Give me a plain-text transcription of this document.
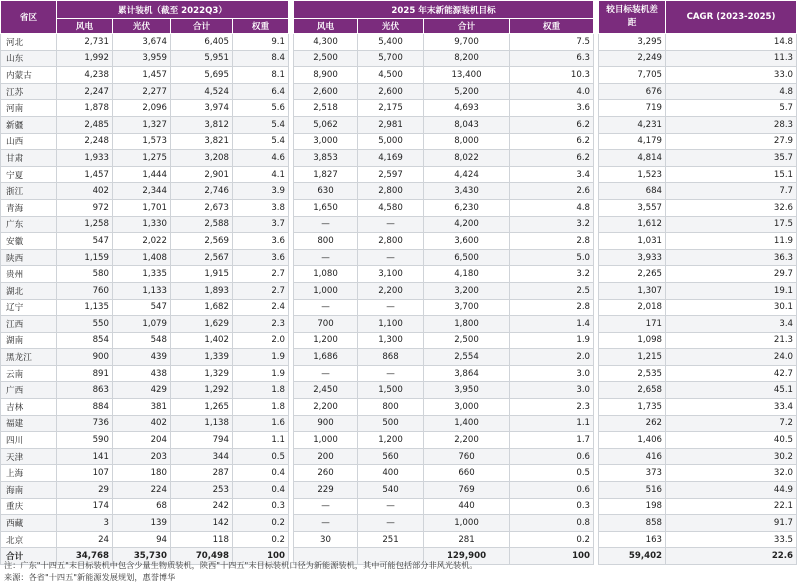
省区	累计装机（截至 2022Q3）					2025 年末新能源装机目标					较目标装机差距	CAGR (2023-2025)
	风电	光伏	合计	权重		风电	光伏	合计	权重			
河北	2,731	3,674	6,405	9.1		4,300	5,400	9,700	7.5		3,295	14.8
山东	1,992	3,959	5,951	8.4		2,500	5,700	8,200	6.3		2,249	11.3
内蒙古	4,238	1,457	5,695	8.1		8,900	4,500	13,400	10.3		7,705	33.0
江苏	2,247	2,277	4,524	6.4		2,600	2,600	5,200	4.0		676	4.8
河南	1,878	2,096	3,974	5.6		2,518	2,175	4,693	3.6		719	5.7
新疆	2,485	1,327	3,812	5.4		5,062	2,981	8,043	6.2		4,231	28.3
山西	2,248	1,573	3,821	5.4		3,000	5,000	8,000	6.2		4,179	27.9
甘肃	1,933	1,275	3,208	4.6		3,853	4,169	8,022	6.2		4,814	35.7
宁夏	1,457	1,444	2,901	4.1		1,827	2,597	4,424	3.4		1,523	15.1
浙江	402	2,344	2,746	3.9		630	2,800	3,430	2.6		684	7.7
青海	972	1,701	2,673	3.8		1,650	4,580	6,230	4.8		3,557	32.6
广东	1,258	1,330	2,588	3.7		—	—	4,200	3.2		1,612	17.5
安徽	547	2,022	2,569	3.6		800	2,800	3,600	2.8		1,031	11.9
陕西	1,159	1,408	2,567	3.6		—	—	6,500	5.0		3,933	36.3
贵州	580	1,335	1,915	2.7		1,080	3,100	4,180	3.2		2,265	29.7
湖北	760	1,133	1,893	2.7		1,000	2,200	3,200	2.5		1,307	19.1
辽宁	1,135	547	1,682	2.4		—	—	3,700	2.8		2,018	30.1
江西	550	1,079	1,629	2.3		700	1,100	1,800	1.4		171	3.4
湖南	854	548	1,402	2.0		1,200	1,300	2,500	1.9		1,098	21.3
黑龙江	900	439	1,339	1.9		1,686	868	2,554	2.0		1,215	24.0
云南	891	438	1,329	1.9		—	—	3,864	3.0		2,535	42.7
广西	863	429	1,292	1.8		2,450	1,500	3,950	3.0		2,658	45.1
吉林	884	381	1,265	1.8		2,200	800	3,000	2.3		1,735	33.4
福建	736	402	1,138	1.6		900	500	1,400	1.1		262	7.2
四川	590	204	794	1.1		1,000	1,200	2,200	1.7		1,406	40.5
天津	141	203	344	0.5		200	560	760	0.6		416	30.2
上海	107	180	287	0.4		260	400	660	0.5		373	32.0
海南	29	224	253	0.4		229	540	769	0.6		516	44.9
重庆	174	68	242	0.3		—	—	440	0.3		198	22.1
西藏	3	139	142	0.2		—	—	1,000	0.8		858	91.7
北京	24	94	118	0.2		30	251	281	0.2		163	33.5
合计	34,768	35,730	70,498	100				129,900	100		59,402	22.6
注：广东"十四五"末目标装机中包含少量生物质装机，陕西"十四五"末目标装机口径为新能源装机，其中可能包括部分非风光装机。
来源：各省"十四五"新能源发展规划，惠誉博华
